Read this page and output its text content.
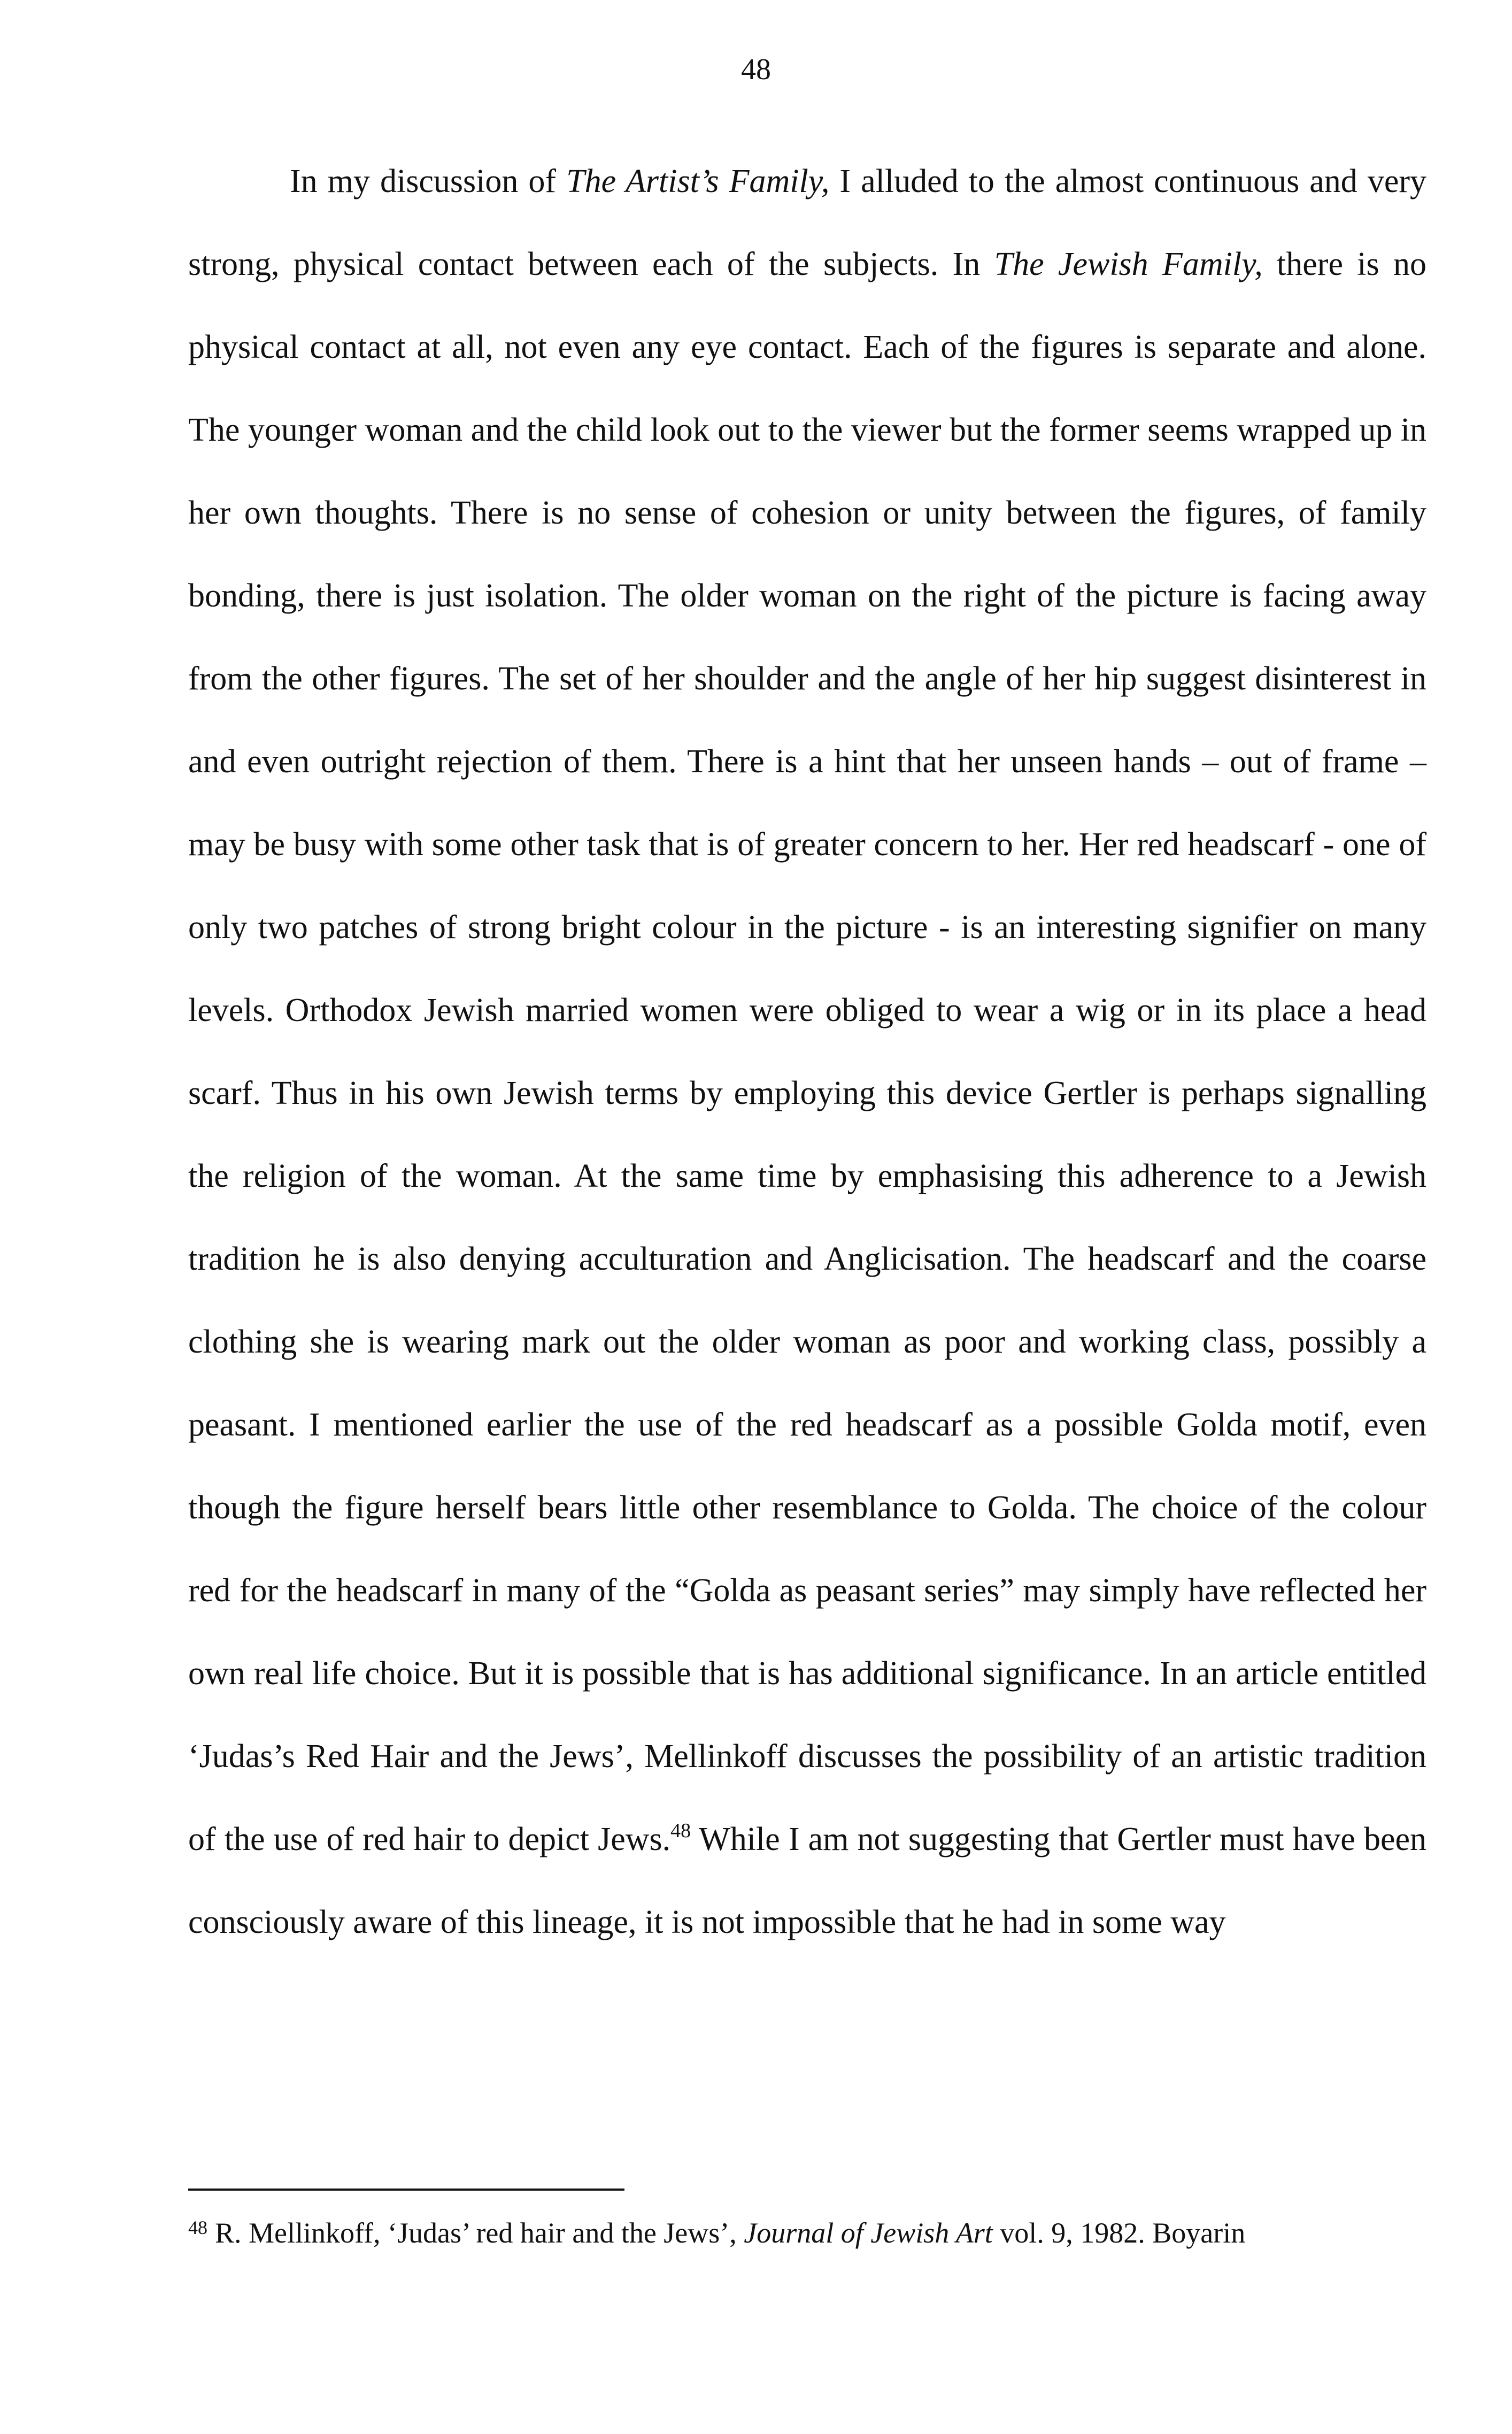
48

In my discussion of The Artist’s Family, I alluded to the almost continuous and very strong, physical contact between each of the subjects. In The Jewish Family, there is no physical contact at all, not even any eye contact. Each of the figures is separate and alone. The younger woman and the child look out to the viewer but the former seems wrapped up in her own thoughts. There is no sense of cohesion or unity between the figures, of family bonding, there is just isolation. The older woman on the right of the picture is facing away from the other figures. The set of her shoulder and the angle of her hip suggest disinterest in and even outright rejection of them. There is a hint that her unseen hands – out of frame – may be busy with some other task that is of greater concern to her. Her red headscarf - one of only two patches of strong bright colour in the picture - is an interesting signifier on many levels. Orthodox Jewish married women were obliged to wear a wig or in its place a head scarf. Thus in his own Jewish terms by employing this device Gertler is perhaps signalling the religion of the woman. At the same time by emphasising this adherence to a Jewish tradition he is also denying acculturation and Anglicisation. The headscarf and the coarse clothing she is wearing mark out the older woman as poor and working class, possibly a peasant. I mentioned earlier the use of the red headscarf as a possible Golda motif, even though the figure herself bears little other resemblance to Golda. The choice of the colour red for the headscarf in many of the “Golda as peasant series” may simply have reflected her own real life choice. But it is possible that is has additional significance. In an article entitled ‘Judas’s Red Hair and the Jews’, Mellinkoff discusses the possibility of an artistic tradition of the use of red hair to depict Jews.$^{48}$ While I am not suggesting that Gertler must have been consciously aware of this lineage, it is not impossible that he had in some way

$^{48}$ R. Mellinkoff, ‘Judas’ red hair and the Jews’, Journal of Jewish Art vol. 9, 1982. Boyarin
